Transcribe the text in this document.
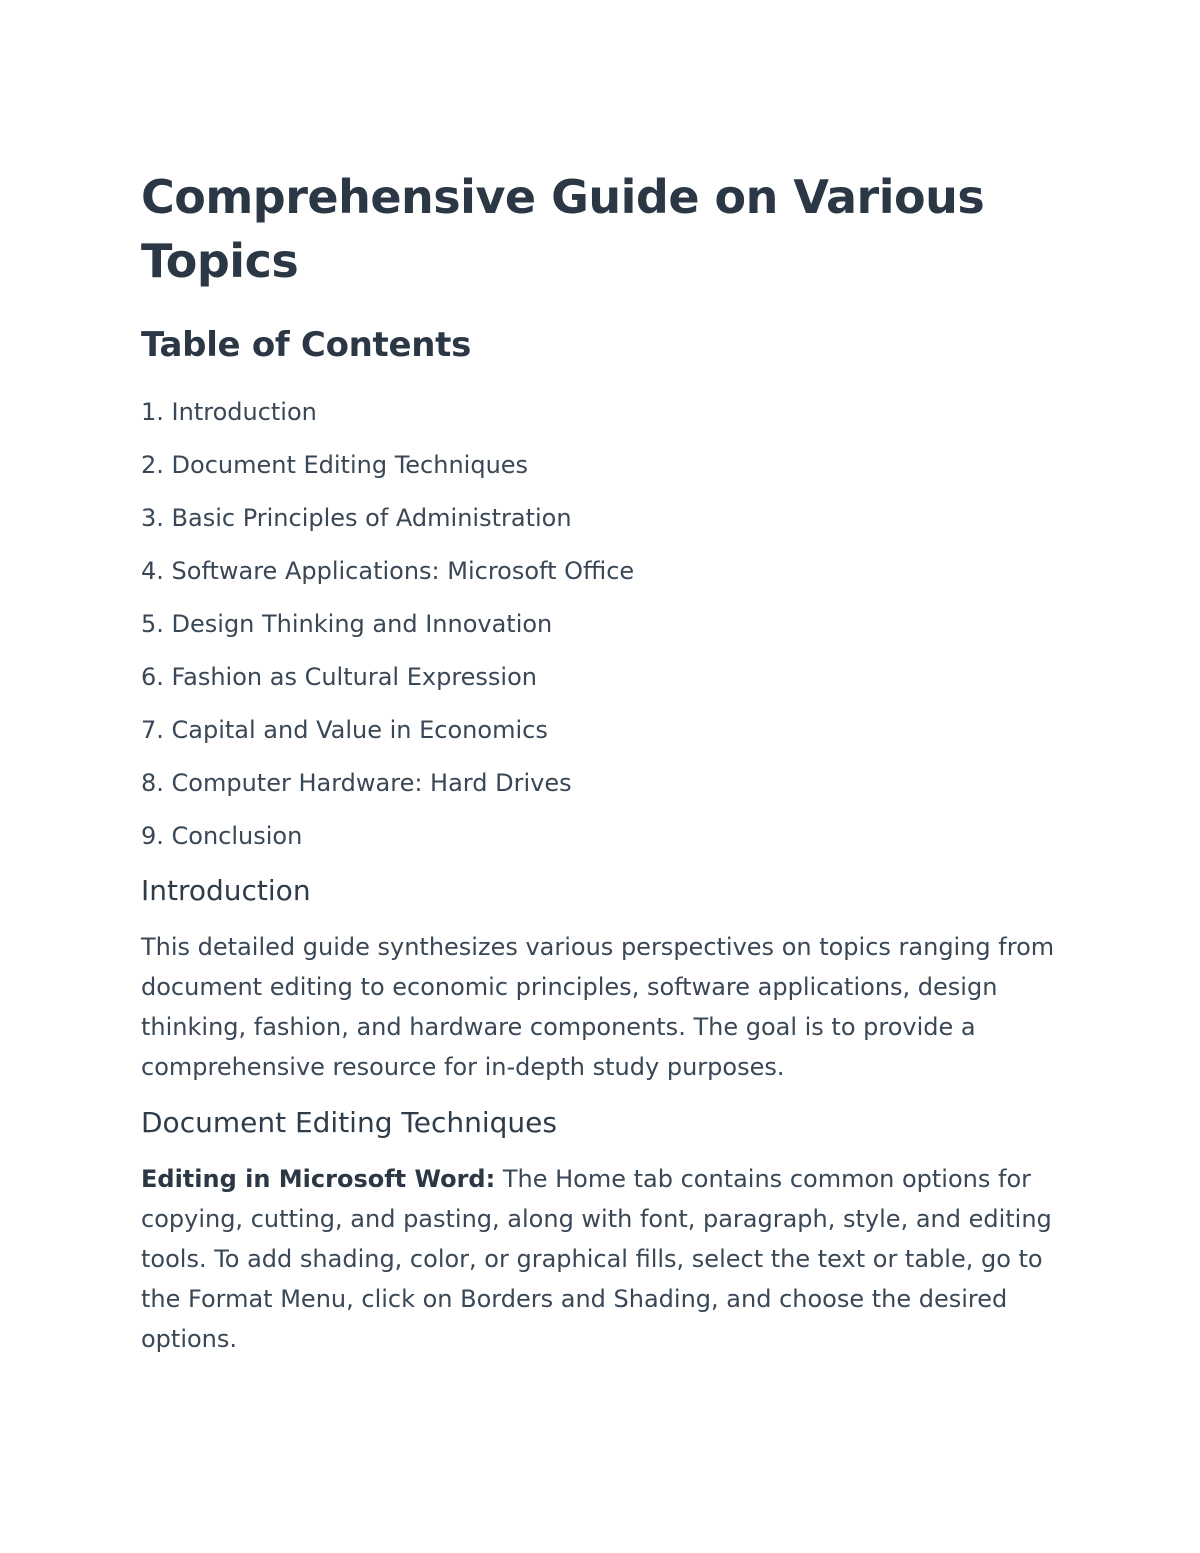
Comprehensive Guide on Various Topics
Table of Contents
1. Introduction
2. Document Editing Techniques
3. Basic Principles of Administration
4. Software Applications: Microsoft Office
5. Design Thinking and Innovation
6. Fashion as Cultural Expression
7. Capital and Value in Economics
8. Computer Hardware: Hard Drives
9. Conclusion
Introduction

This detailed guide synthesizes various perspectives on topics ranging from document editing to economic principles, software applications, design thinking, fashion, and hardware components. The goal is to provide a comprehensive resource for in-depth study purposes.

Document Editing Techniques

Editing in Microsoft Word: The Home tab contains common options for copying, cutting, and pasting, along with font, paragraph, style, and editing tools. To add shading, color, or graphical fills, select the text or table, go to the Format Menu, click on Borders and Shading, and choose the desired options.
